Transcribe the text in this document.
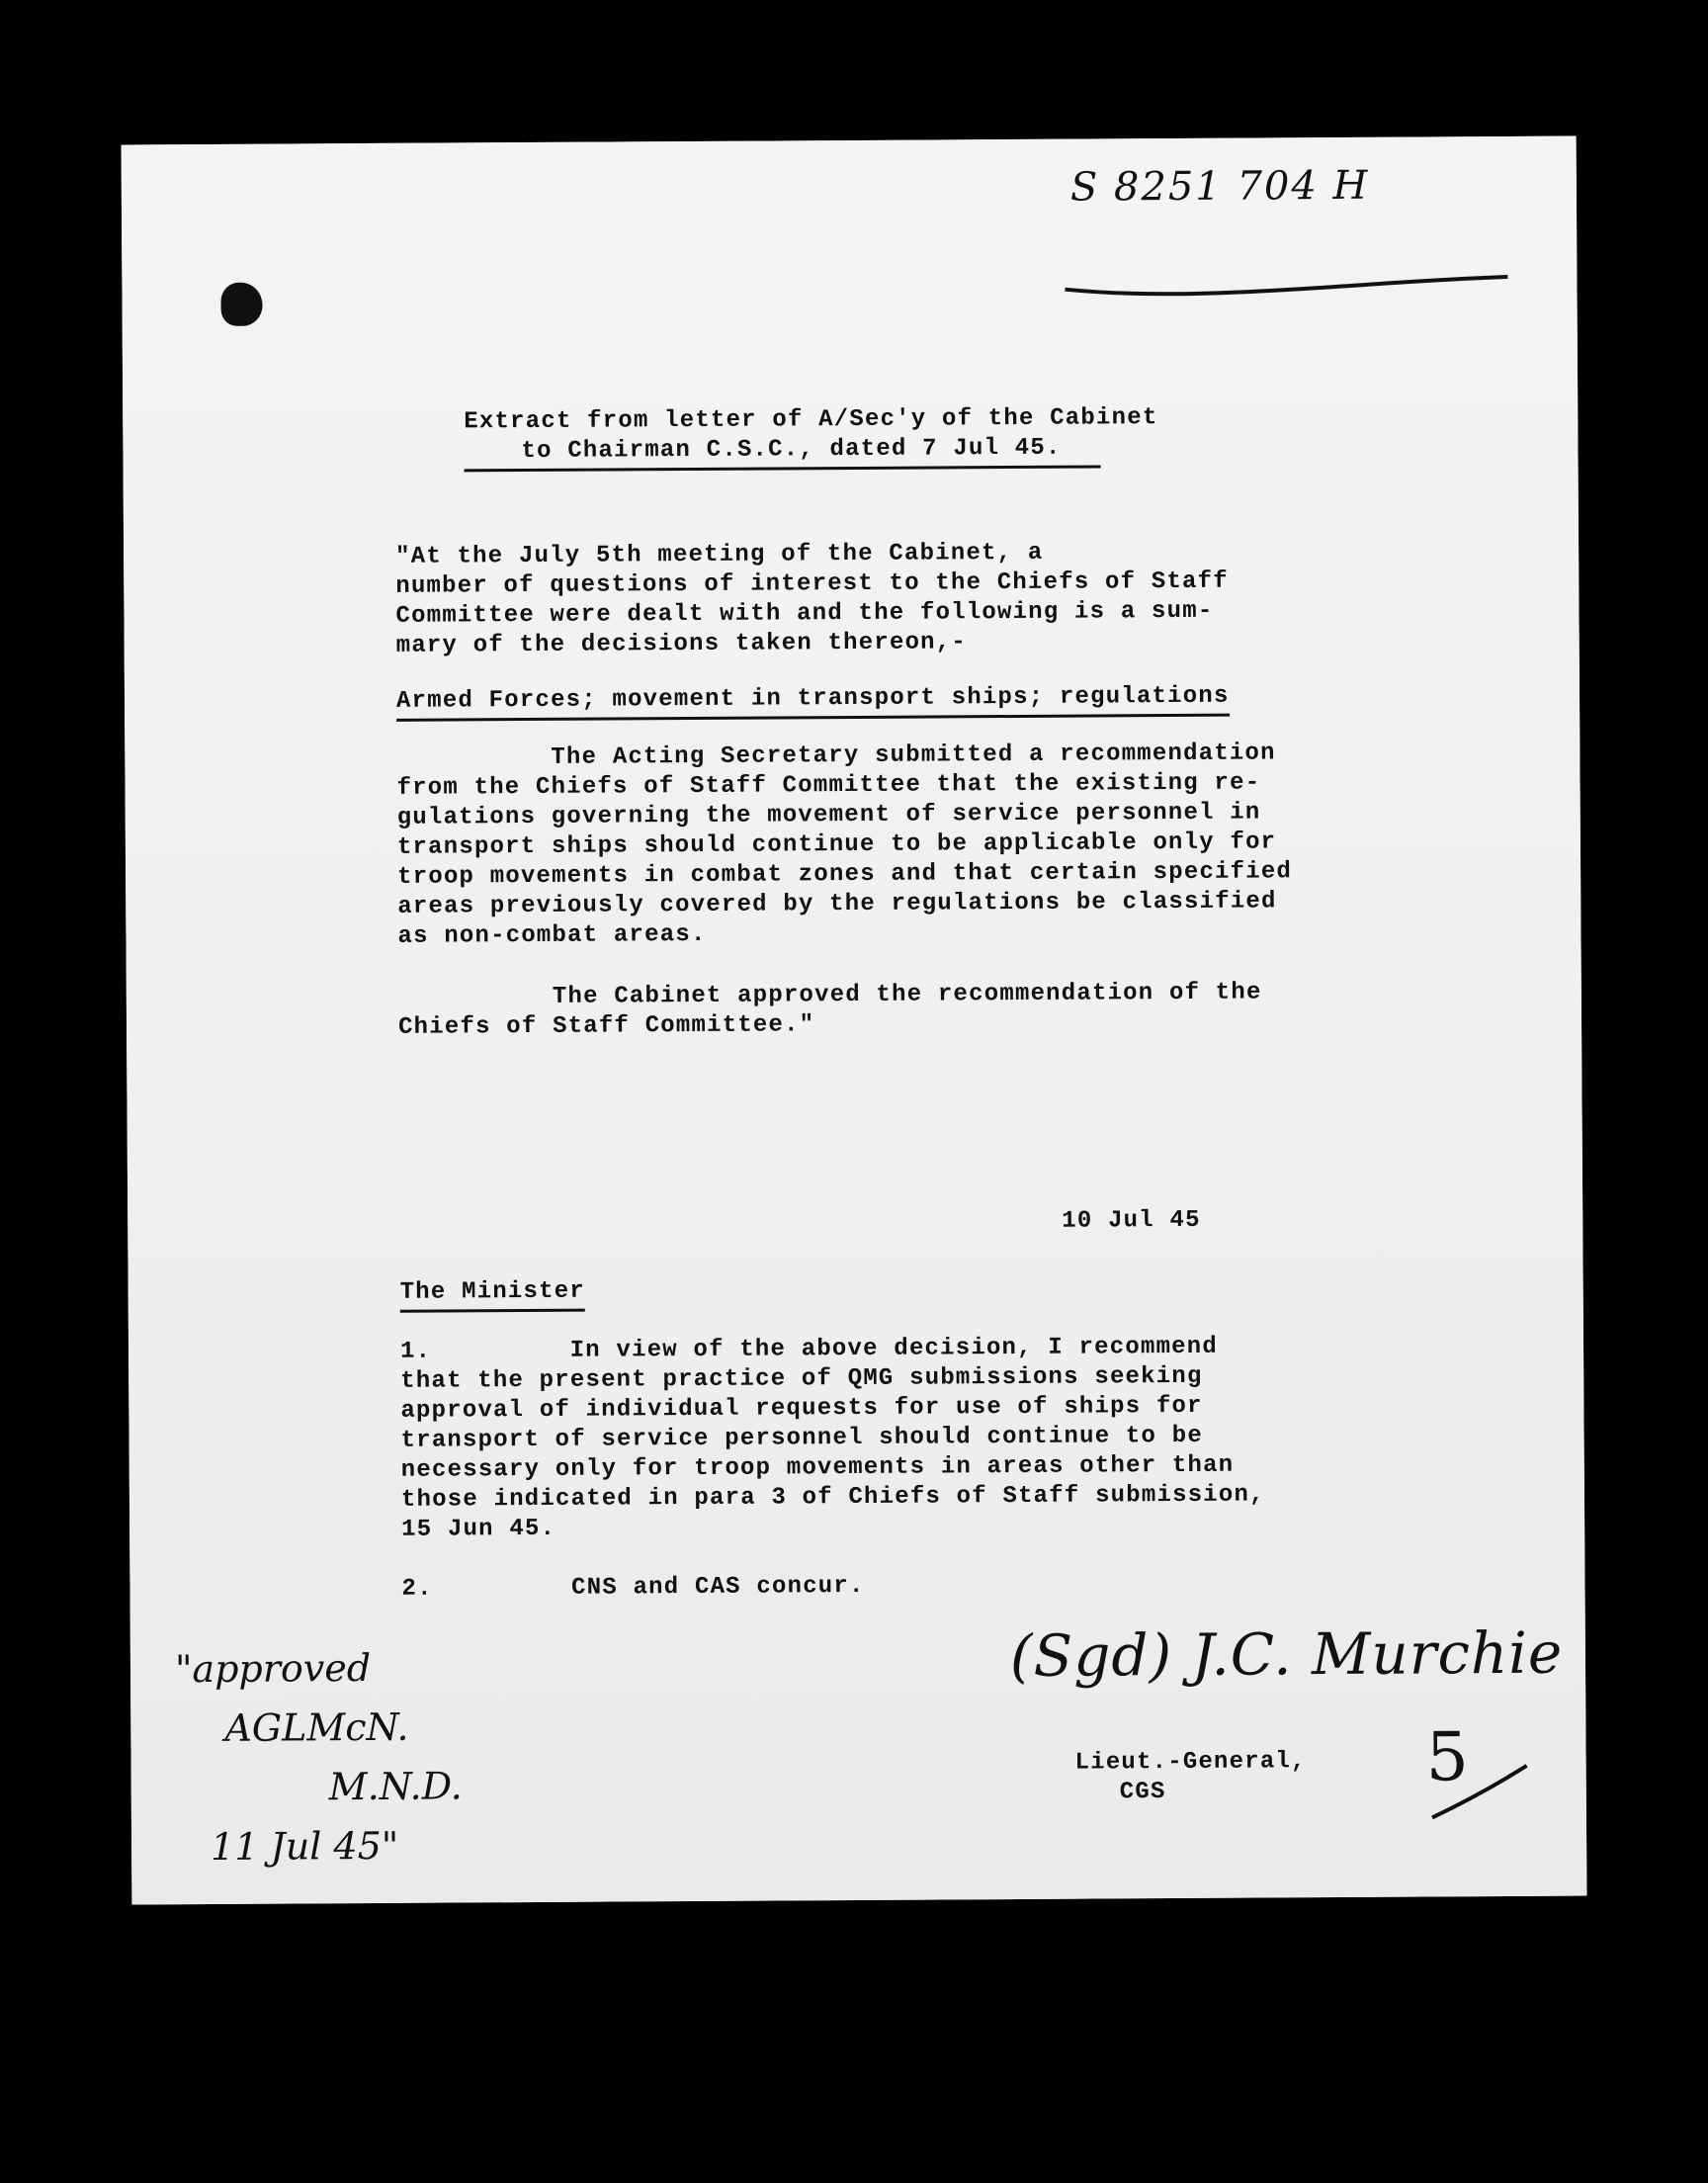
S 8251 704 H
Extract from letter of A/Sec'y of the Cabinet
to Chairman C.S.C., dated 7 Jul 45.
"At the July 5th meeting of the Cabinet, a
number of questions of interest to the Chiefs of Staff
Committee were dealt with and the following is a sum-
mary of the decisions taken thereon,-
Armed Forces; movement in transport ships; regulations
The Acting Secretary submitted a recommendation
from the Chiefs of Staff Committee that the existing re-
gulations governing the movement of service personnel in
transport ships should continue to be applicable only for
troop movements in combat zones and that certain specified
areas previously covered by the regulations be classified
as non-combat areas.
The Cabinet approved the recommendation of the
Chiefs of Staff Committee."
10 Jul 45
The Minister
1.         In view of the above decision, I recommend
that the present practice of QMG submissions seeking
approval of individual requests for use of ships for
transport of service personnel should continue to be
necessary only for troop movements in areas other than
those indicated in para 3 of Chiefs of Staff submission,
15 Jun 45.
2.         CNS and CAS concur.
(Sgd) J.C. Murchie
Lieut.-General,
CGS	5
"approved
AGLMcN.
M.N.D.
11 Jul 45"
